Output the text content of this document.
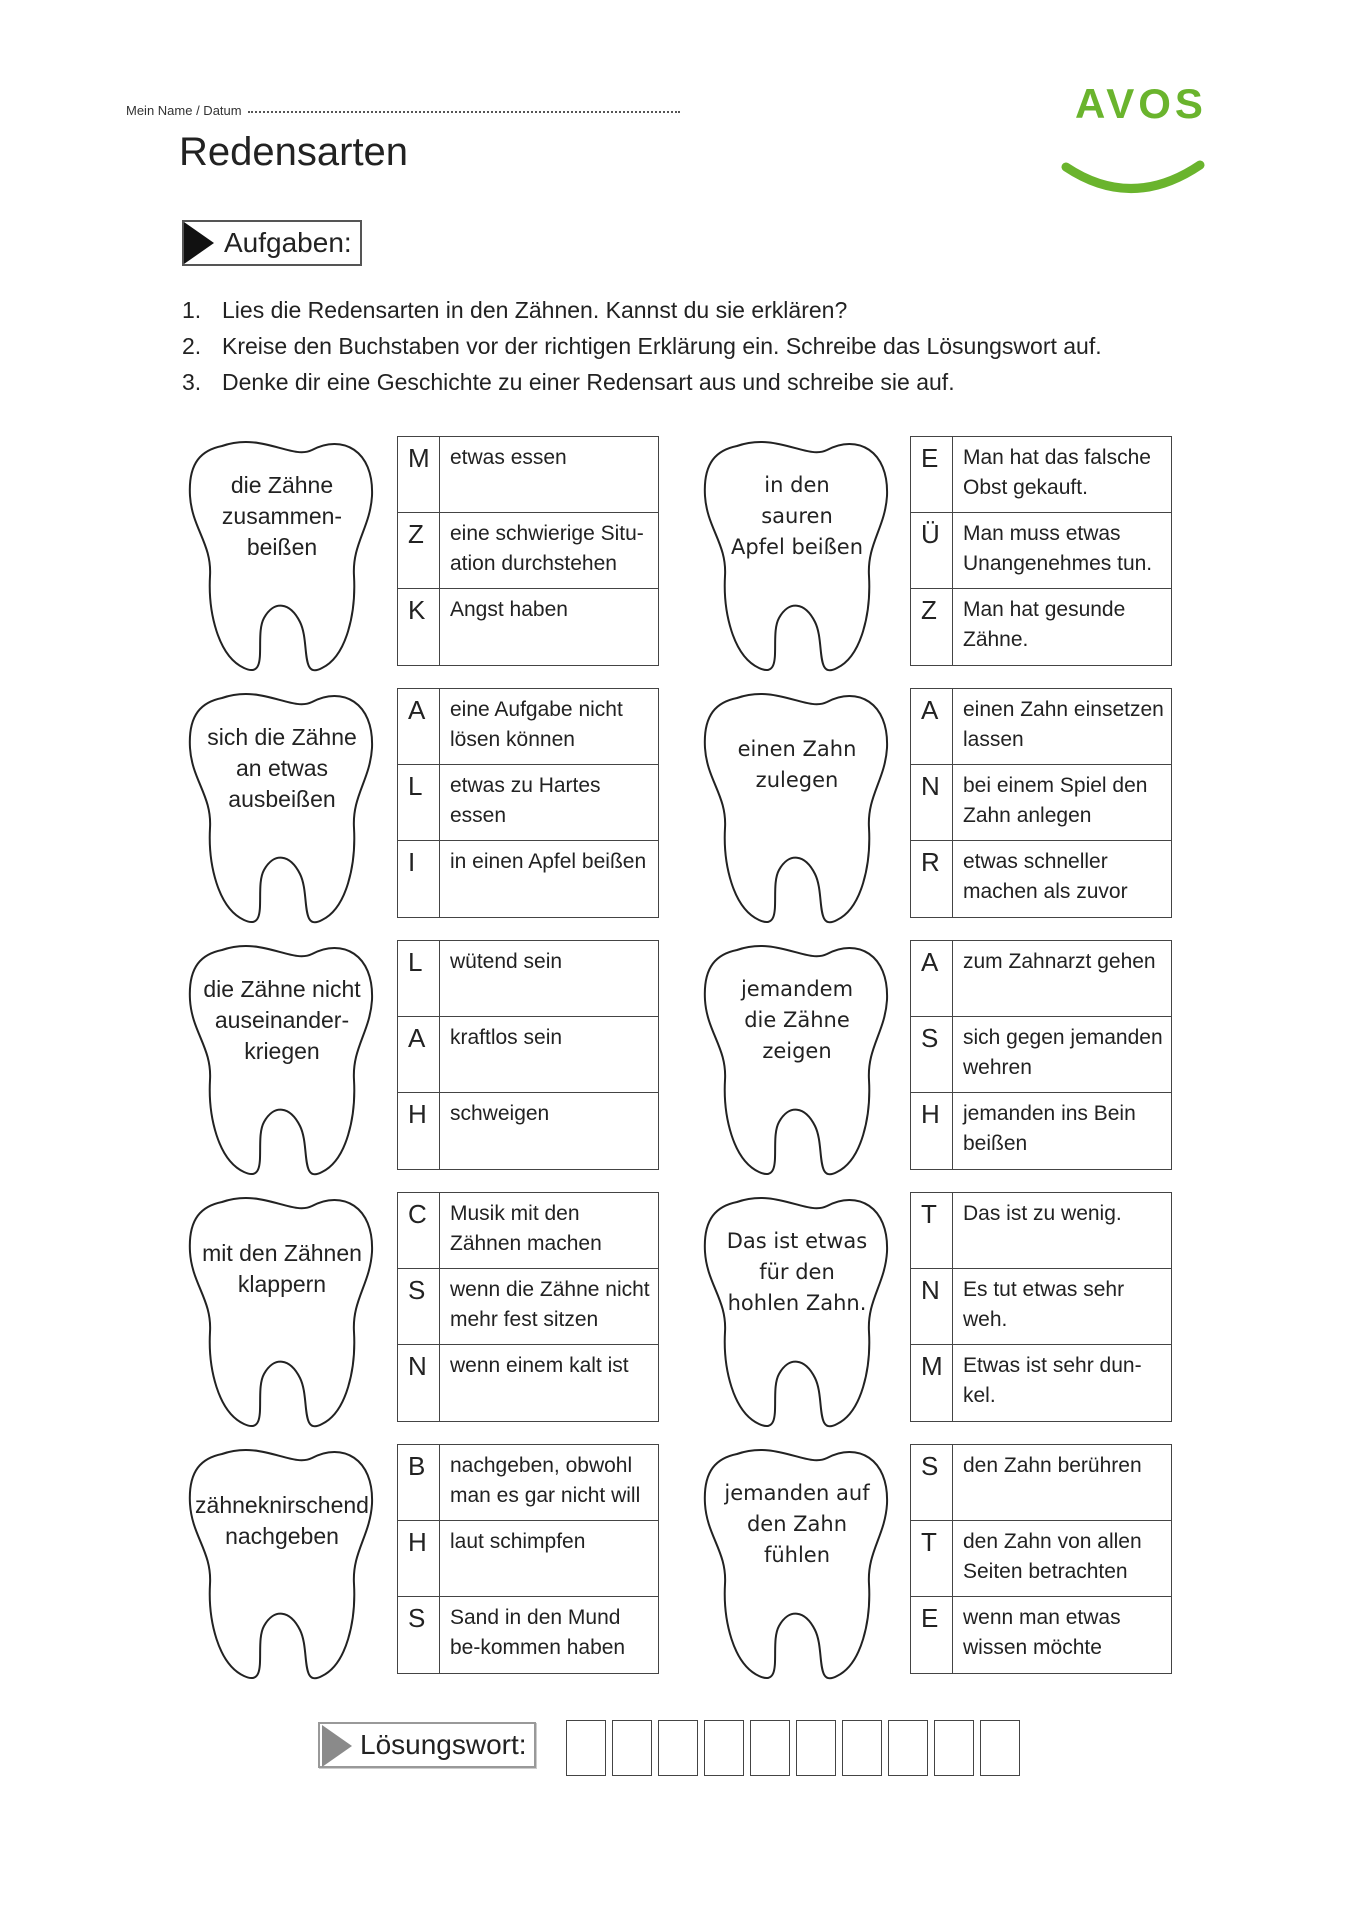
Mein Name / Datum
Redensarten
AVOS
Aufgaben:
1. Lies die Redensarten in den Zähnen. Kannst du sie erklären?
2. Kreise den Buchstaben vor der richtigen Erklärung ein. Schreibe das Lösungswort auf.
3. Denke dir eine Geschichte zu einer Redensart aus und schreibe sie auf.
die Zähne
zusammen-
beißen
M etwas essen
Z	eine schwierige Situ-ation durchstehen
K	Angst haben
in den
sauren
Apfel beißen
E	Man hat das falsche Obst gekauft.
Ü	Man muss etwas Unangenehmes tun.
Z	Man hat gesunde Zähne.
sich die Zähne
an etwas
ausbeißen
A	eine Aufgabe nicht lösen können
L	etwas zu Hartes essen
I	in einen Apfel beißen
einen Zahn
zulegen
A	einen Zahn einsetzen lassen
N	bei einem Spiel den Zahn anlegen
R	etwas schneller machen als zuvor
die Zähne nicht
auseinander-
kriegen
L	wütend sein
A	kraftlos sein
H	schweigen
jemandem
die Zähne
zeigen
A	zum Zahnarzt gehen
S	sich gegen jemanden wehren
H	jemanden ins Bein beißen
mit den Zähnen
klappern
C	Musik mit den Zähnen machen
S	wenn die Zähne nicht mehr fest sitzen
N	wenn einem kalt ist
Das ist etwas
für den
hohlen Zahn.
T	Das ist zu wenig.
N	Es tut etwas sehr weh.
M Etwas ist sehr dun-kel.
zähneknirschend
nachgeben
B	nachgeben, obwohl man es gar nicht will
H	laut schimpfen
S	Sand in den Mund be-kommen haben
jemanden auf
den Zahn
fühlen
S	den Zahn berühren
T	den Zahn von allen Seiten betrachten
E	wenn man etwas wissen möchte
Lösungswort:
